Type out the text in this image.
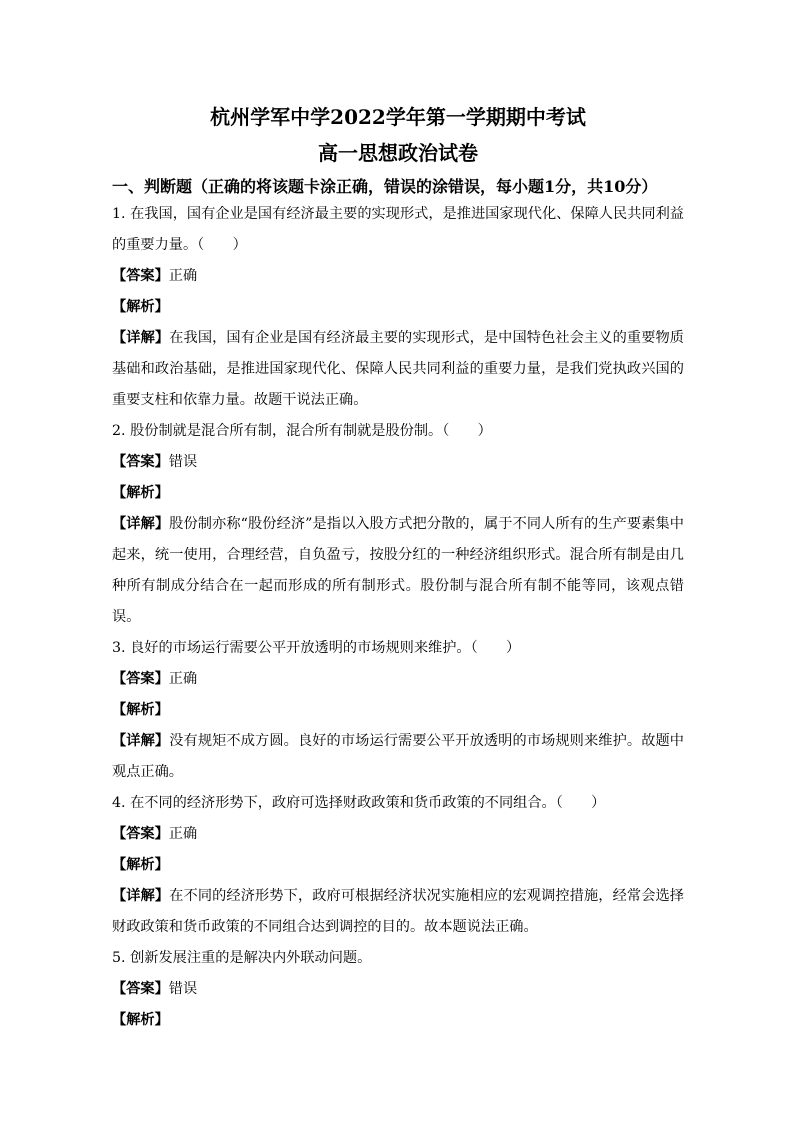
杭州学军中学2022学年第一学期期中考试
高一思想政治试卷
一、判断题（正确的将该题卡涂正确，错误的涂错误，每小题1分，共10分）

1. 在我国，国有企业是国有经济最主要的实现形式，是推进国家现代化、保障人民共同利益的重要力量。（　　）

【答案】正确

【解析】

【详解】在我国，国有企业是国有经济最主要的实现形式，是中国特色社会主义的重要物质基础和政治基础，是推进国家现代化、保障人民共同利益的重要力量，是我们党执政兴国的重要支柱和依靠力量。故题干说法正确。

2. 股份制就是混合所有制，混合所有制就是股份制。（　　）

【答案】错误

【解析】

【详解】股份制亦称“股份经济”是指以入股方式把分散的，属于不同人所有的生产要素集中起来，统一使用，合理经营，自负盈亏，按股分红的一种经济组织形式。混合所有制是由几种所有制成分结合在一起而形成的所有制形式。股份制与混合所有制不能等同，该观点错误。

3. 良好的市场运行需要公平开放透明的市场规则来维护。（　　）

【答案】正确

【解析】

【详解】没有规矩不成方圆。良好的市场运行需要公平开放透明的市场规则来维护。故题中观点正确。

4. 在不同的经济形势下，政府可选择财政政策和货币政策的不同组合。（　　）

【答案】正确

【解析】

【详解】在不同的经济形势下，政府可根据经济状况实施相应的宏观调控措施，经常会选择财政政策和货币政策的不同组合达到调控的目的。故本题说法正确。

5. 创新发展注重的是解决内外联动问题。

【答案】错误

【解析】
